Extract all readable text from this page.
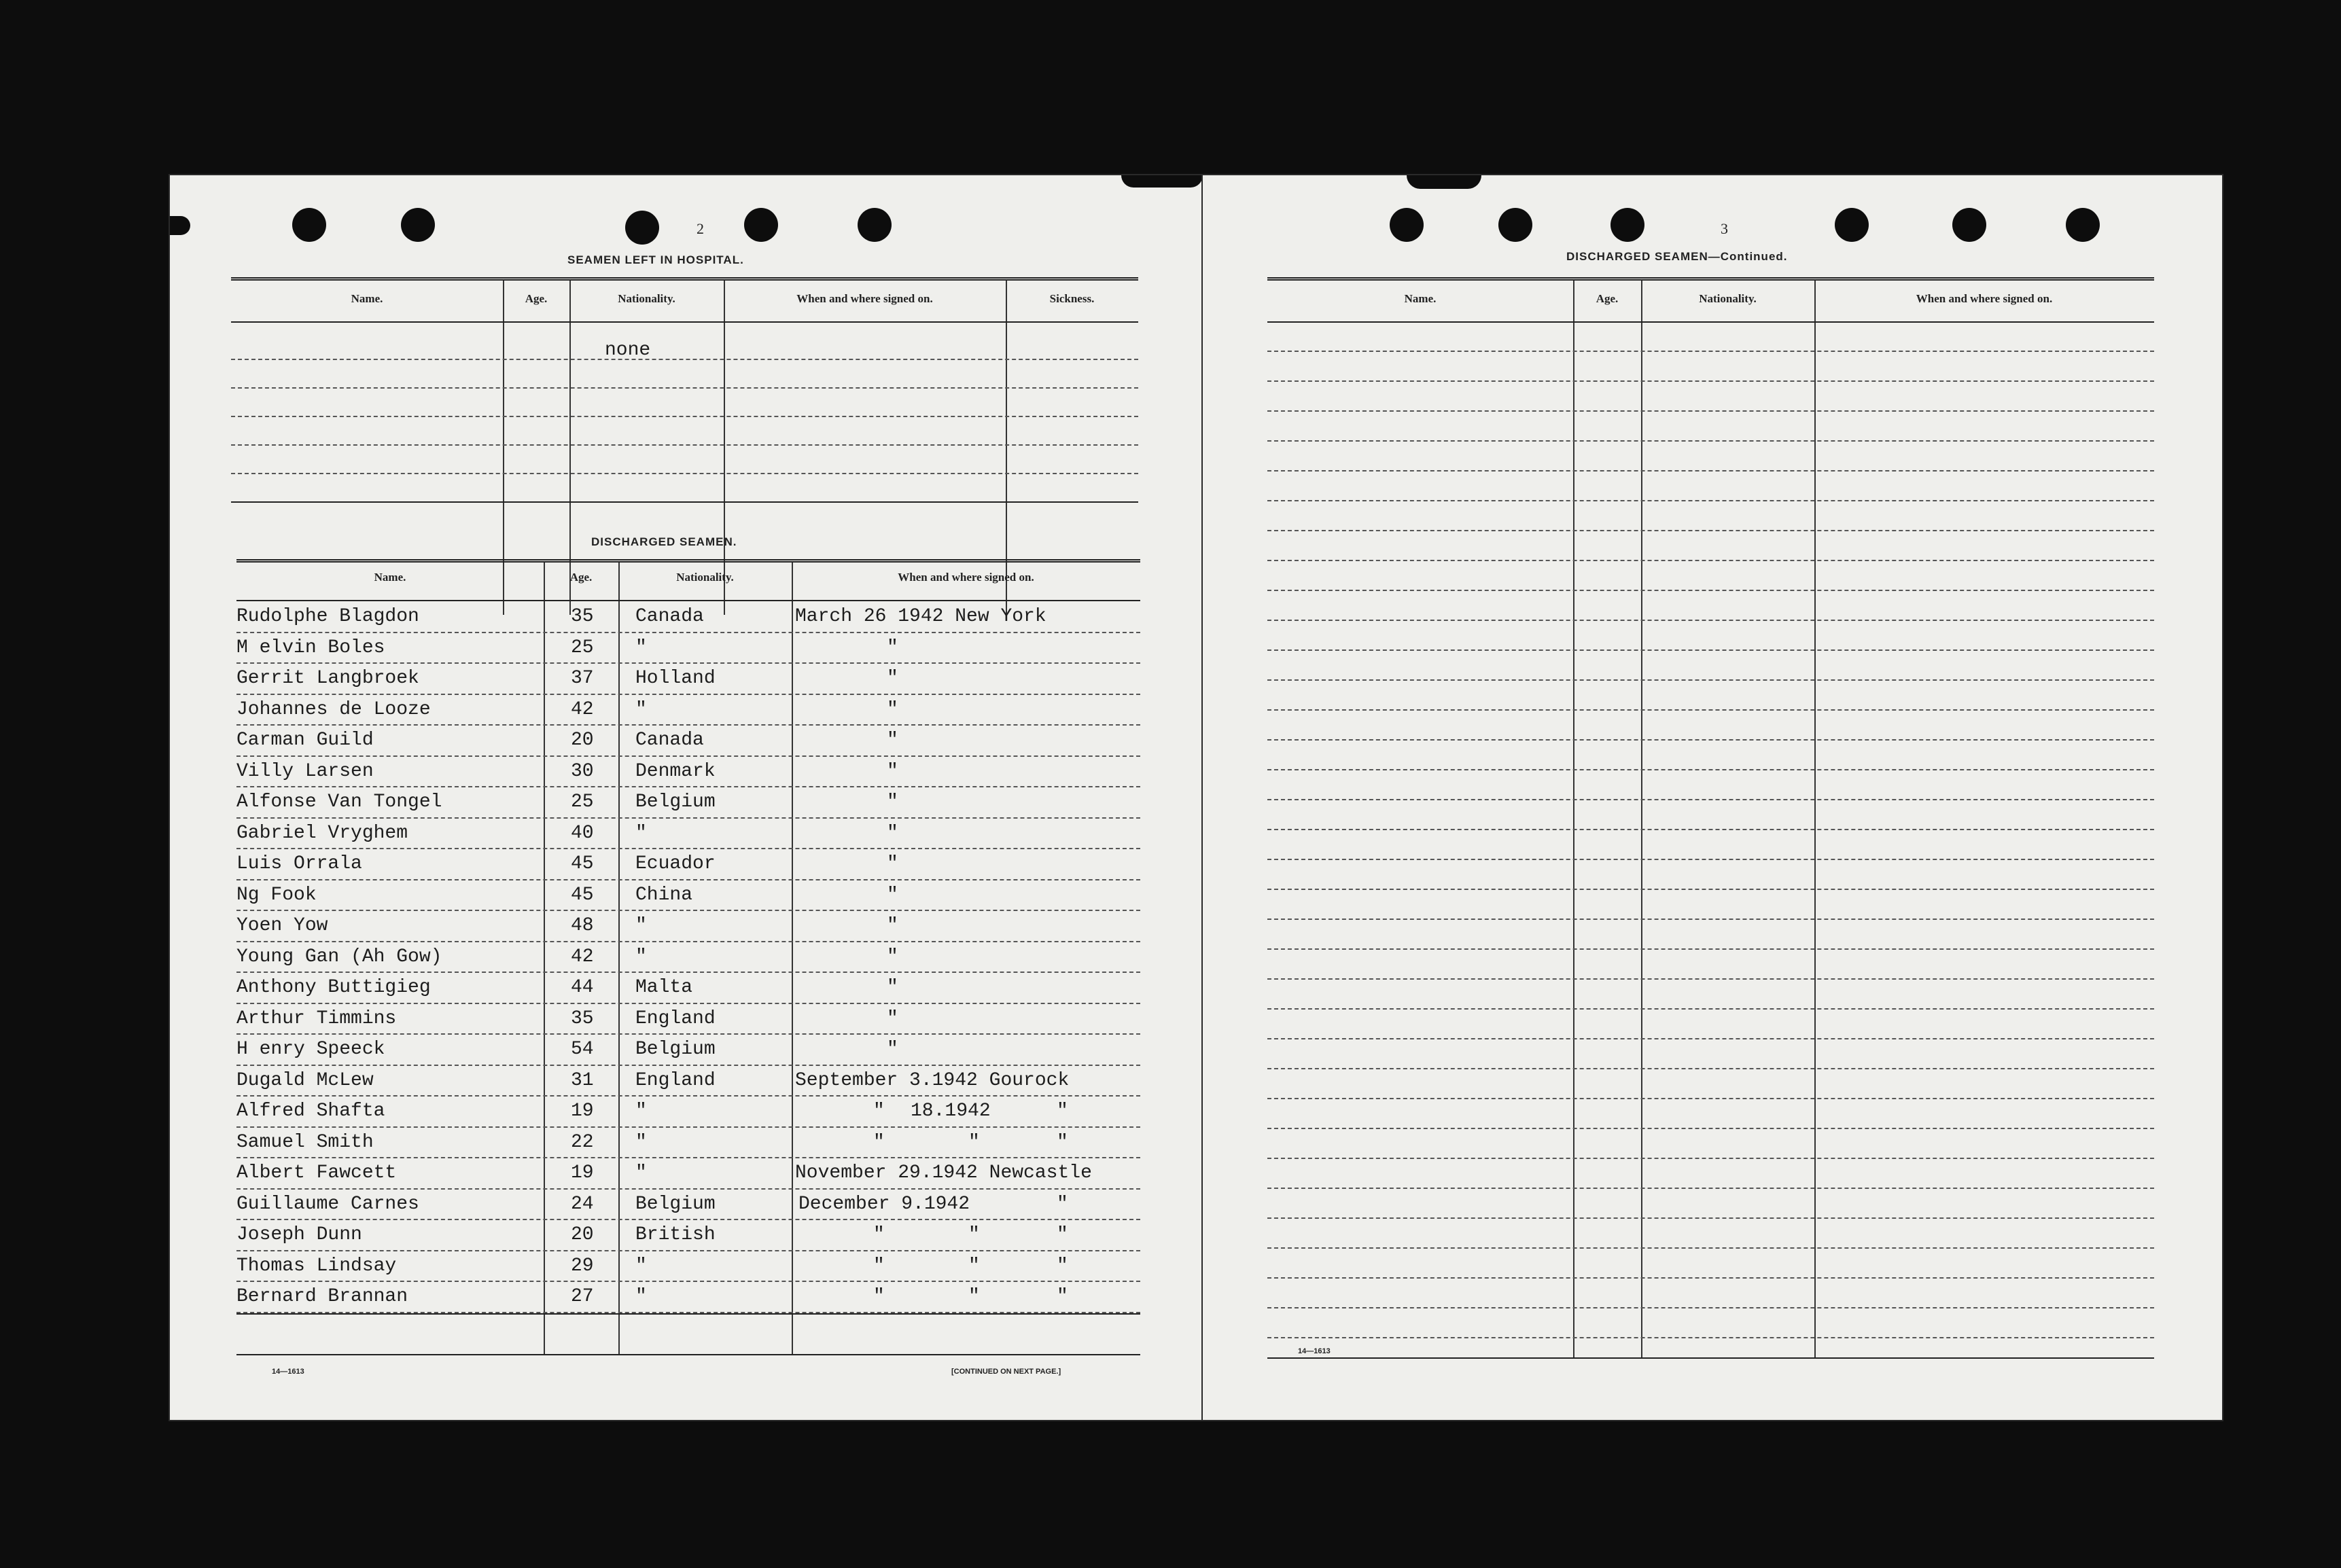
2
SEAMEN LEFT IN HOSPITAL.
Name.	Age.	Nationality.	When and where signed on.	Sickness.
none
DISCHARGED SEAMEN.
Name.	Age.	Nationality.	When and where signed on.
Rudolphe Blagdon	35 Canada	March 26 1942 New York
M elvin Boles	25 "	"
Gerrit Langbroek	37 Holland	"
Johannes de Looze	42 "	"
Carman Guild	20 Canada	"
Villy Larsen	30 Denmark	"
Alfonse Van Tongel	25 Belgium	"
Gabriel Vryghem	40 "	"
Luis Orrala	45 Ecuador	"
Ng Fook	45 China	"
Yoen Yow	48 "	"
Young Gan (Ah Gow)	42 "	"
Anthony Buttigieg	44 Malta	"
Arthur Timmins	35 England	"
H enry Speeck	54 Belgium	"
Dugald McLew	31 England	September 3.1942 Gourock
Alfred Shafta	19 "	" 18.1942	"
Samuel Smith	22 "	"	"	"
Albert Fawcett	19 "	November 29.1942 Newcastle
Guillaume Carnes	24 Belgium	December 9.1942	"
Joseph Dunn	20 British	"	"	"
Thomas Lindsay	29 "	"	"	"
Bernard Brannan	27 "	"	"	"
14—1613	[CONTINUED ON NEXT PAGE.]
3
DISCHARGED SEAMEN—Continued.
Name.	Age.	Nationality.	When and where signed on.
14—1613
